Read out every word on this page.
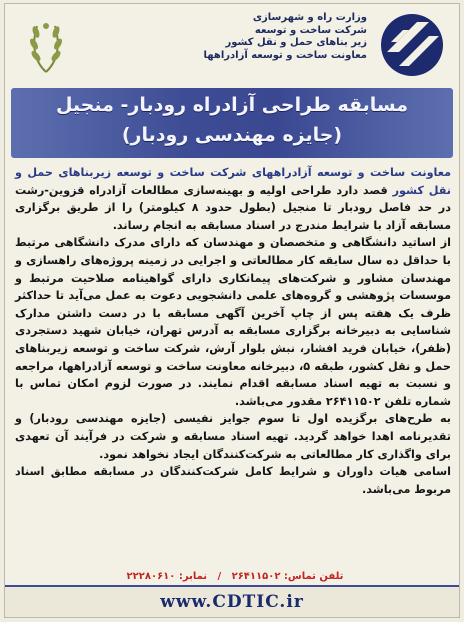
وزارت راه و شهرسازی
شرکت ساخت و توسعه
زیر بناهای حمل و نقل کشور
معاونت ساخت و توسعه آزادراهها
مسابقه طراحی آزادراه رودبار- منجیل
(جایزه مهندسی رودبار)

معاونت ساخت و توسعه آزادراههای شرکت ساخت و توسعه زیربناهای حمل و نقل کشور قصد دارد طراحی اولیه و بهینه‌سازی مطالعات آزادراه قزوین-رشت در حد فاصل رودبار تا منجیل (بطول حدود ۸ کیلومتر) را از طریق برگزاری مسابقه آزاد با شرایط مندرج در اسناد مسابقه به انجام رساند.

از اساتید دانشگاهی و متخصصان و مهندسان که دارای مدرک دانشگاهی مرتبط با حداقل ده سال سابقه کار مطالعاتی و اجرایی در زمینه پروژه‌های راهسازی و مهندسان مشاور و شرکت‌های پیمانکاری دارای گواهینامه صلاحیت مرتبط و موسسات پژوهشی و گروه‌های علمی دانشجویی دعوت به عمل می‌آید تا حداکثر ظرف یک هفته پس از چاپ آخرین آگهی مسابقه با در دست داشتن مدارک شناسایی به دبیرخانه برگزاری مسابقه به آدرس تهران، خیابان شهید دستجردی (ظفر)، خیابان فرید افشار، نبش بلوار آرش، شرکت ساخت و توسعه زیربناهای حمل و نقل کشور، طبقه ۵، دبیرخانه معاونت ساخت و توسعه آزادراهها، مراجعه و نسبت به تهیه اسناد مسابقه اقدام نمایند. در صورت لزوم امکان تماس با شماره تلفن ۲۶۴۱۱۵۰۲ مقدور می‌باشد.

به طرح‌های برگزیده اول تا سوم جوایز نفیسی (جایزه مهندسی رودبار) و تقدیرنامه اهدا خواهد گردید. تهیه اسناد مسابقه و شرکت در فرآیند آن تعهدی برای واگذاری کار مطالعاتی به شرکت‌کنندگان ایجاد نخواهد نمود.

اسامی هیات داوران و شرایط کامل شرکت‌کنندگان در مسابقه مطابق اسناد مربوط می‌باشد.

تلفن تماس: ۲۶۴۱۱۵۰۲   /   نمابر: ۲۲۲۸۰۶۱۰
www.CDTIC.ir
